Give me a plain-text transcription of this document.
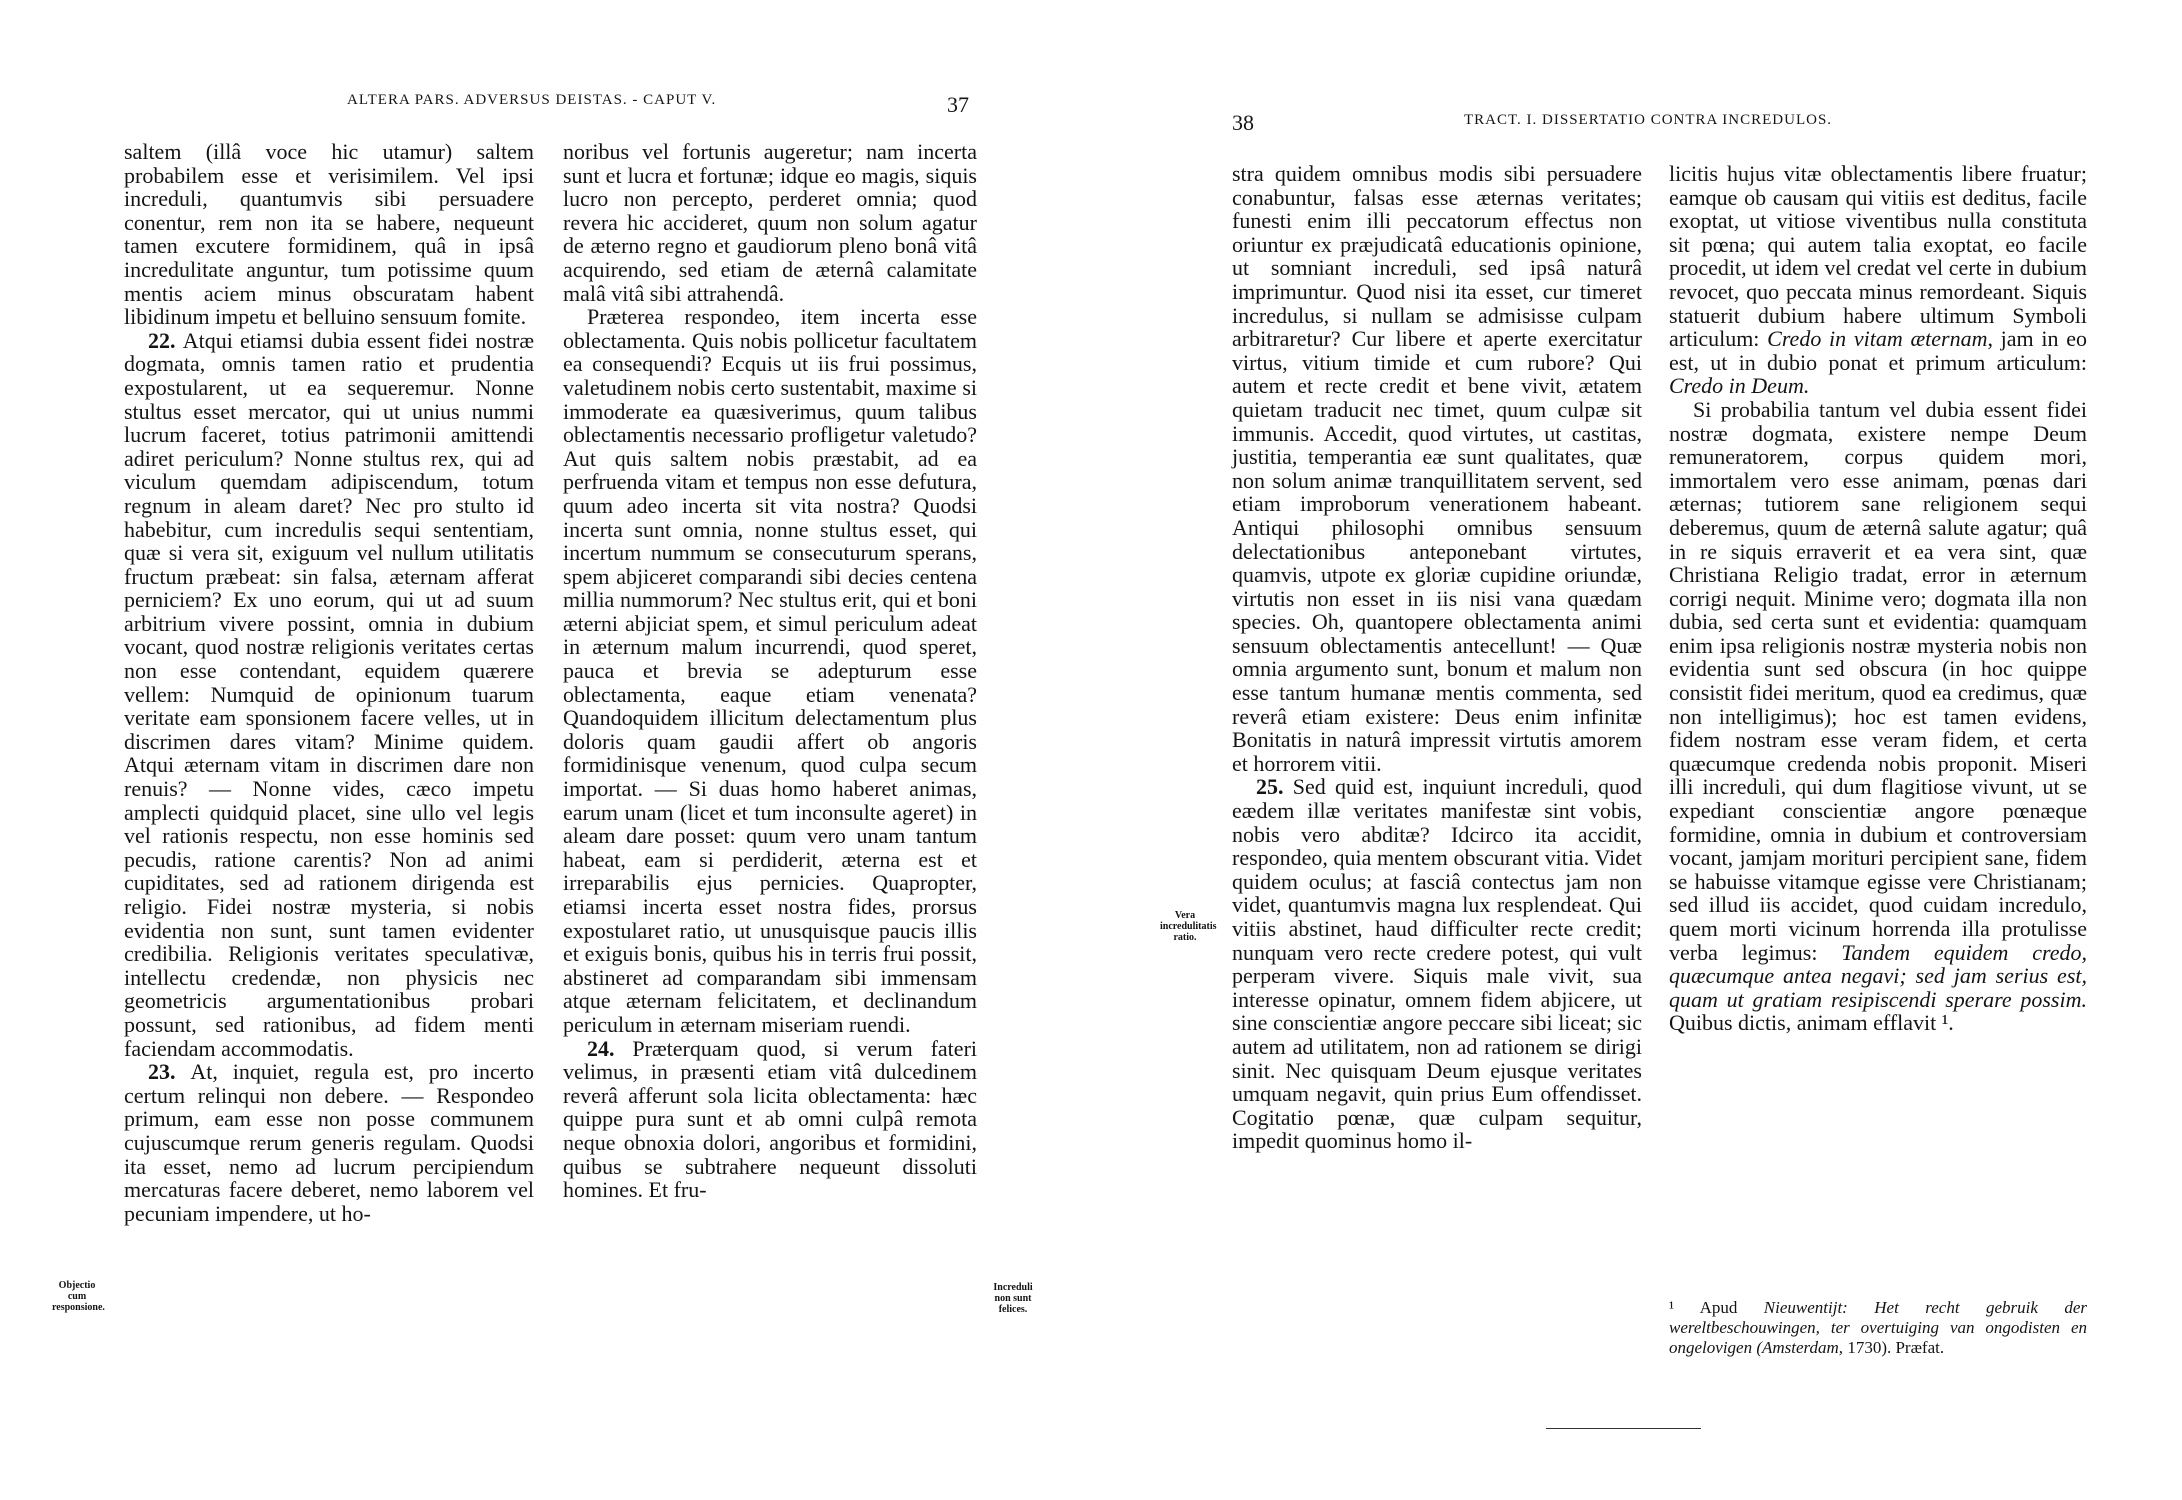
ALTERA PARS. ADVERSUS DEISTAS. - CAPUT V.	37

saltem (illâ voce hic utamur) saltem probabilem esse et verisimilem. Vel ipsi increduli, quantumvis sibi persuadere conentur, rem non ita se habere, nequeunt tamen excutere formidinem, quâ in ipsâ incredulitate anguntur, tum potissime quum mentis aciem minus obscuratam habent libidinum impetu et belluino sensuum fomite.

22. Atqui etiamsi dubia essent fidei nostræ dogmata, omnis tamen ratio et prudentia expostularent, ut ea sequeremur. Nonne stultus esset mercator, qui ut unius nummi lucrum faceret, totius patrimonii amittendi adiret periculum? Nonne stultus rex, qui ad viculum quemdam adipiscendum, totum regnum in aleam daret? Nec pro stulto id habebitur, cum incredulis sequi sententiam, quæ si vera sit, exiguum vel nullum utilitatis fructum præbeat: sin falsa, æternam afferat perniciem? Ex uno eorum, qui ut ad suum arbitrium vivere possint, omnia in dubium vocant, quod nostræ religionis veritates certas non esse contendant, equidem quærere vellem: Numquid de opinionum tuarum veritate eam sponsionem facere velles, ut in discrimen dares vitam? Minime quidem. Atqui æternam vitam in discrimen dare non renuis? — Nonne vides, cæco impetu amplecti quidquid placet, sine ullo vel legis vel rationis respectu, non esse hominis sed pecudis, ratione carentis? Non ad animi cupiditates, sed ad rationem dirigenda est religio. Fidei nostræ mysteria, si nobis evidentia non sunt, sunt tamen evidenter credibilia. Religionis veritates speculativæ, intellectu credendæ, non physicis nec geometricis argumentationibus probari possunt, sed rationibus, ad fidem menti faciendam accommodatis.

23. At, inquiet, regula est, pro incerto certum relinqui non debere. — Respondeo primum, eam esse non posse communem cujuscumque rerum generis regulam. Quodsi ita esset, nemo ad lucrum percipiendum mercaturas facere deberet, nemo laborem vel pecuniam impendere, ut ho-

noribus vel fortunis augeretur; nam incerta sunt et lucra et fortunæ; idque eo magis, siquis lucro non percepto, perderet omnia; quod revera hic accideret, quum non solum agatur de æterno regno et gaudiorum pleno bonâ vitâ acquirendo, sed etiam de æternâ calamitate malâ vitâ sibi attrahendâ.

Præterea respondeo, item incerta esse oblectamenta. Quis nobis pollicetur facultatem ea consequendi? Ecquis ut iis frui possimus, valetudinem nobis certo sustentabit, maxime si immoderate ea quæsiverimus, quum talibus oblectamentis necessario profligetur valetudo? Aut quis saltem nobis præstabit, ad ea perfruenda vitam et tempus non esse defutura, quum adeo incerta sit vita nostra? Quodsi incerta sunt omnia, nonne stultus esset, qui incertum nummum se consecuturum sperans, spem abjiceret comparandi sibi decies centena millia nummorum? Nec stultus erit, qui et boni æterni abjiciat spem, et simul periculum adeat in æternum malum incurrendi, quod speret, pauca et brevia se adepturum esse oblectamenta, eaque etiam venenata? Quandoquidem illicitum delectamentum plus doloris quam gaudii affert ob angoris formidinisque venenum, quod culpa secum importat. — Si duas homo haberet animas, earum unam (licet et tum inconsulte ageret) in aleam dare posset: quum vero unam tantum habeat, eam si perdiderit, æterna est et irreparabilis ejus pernicies. Quapropter, etiamsi incerta esset nostra fides, prorsus expostularet ratio, ut unusquisque paucis illis et exiguis bonis, quibus his in terris frui possit, abstineret ad comparandam sibi immensam atque æternam felicitatem, et declinandum periculum in æternam miseriam ruendi.

24. Præterquam quod, si verum fateri velimus, in præsenti etiam vitâ dulcedinem reverâ afferunt sola licita oblectamenta: hæc quippe pura sunt et ab omni culpâ remota neque obnoxia dolori, angoribus et formidini, quibus se subtrahere nequeunt dissoluti homines. Et fru-

Objectio cum responsione.
Increduli non sunt felices.
38	TRACT. I. DISSERTATIO CONTRA INCREDULOS.

stra quidem omnibus modis sibi persuadere conabuntur, falsas esse æternas veritates; funesti enim illi peccatorum effectus non oriuntur ex præjudicatâ educationis opinione, ut somniant increduli, sed ipsâ naturâ imprimuntur. Quod nisi ita esset, cur timeret incredulus, si nullam se admisisse culpam arbitraretur? Cur libere et aperte exercitatur virtus, vitium timide et cum rubore? Qui autem et recte credit et bene vivit, ætatem quietam traducit nec timet, quum culpæ sit immunis. Accedit, quod virtutes, ut castitas, justitia, temperantia eæ sunt qualitates, quæ non solum animæ tranquillitatem servent, sed etiam improborum venerationem habeant. Antiqui philosophi omnibus sensuum delectationibus anteponebant virtutes, quamvis, utpote ex gloriæ cupidine oriundæ, virtutis non esset in iis nisi vana quædam species. Oh, quantopere oblectamenta animi sensuum oblectamentis antecellunt! — Quæ omnia argumento sunt, bonum et malum non esse tantum humanæ mentis commenta, sed reverâ etiam existere: Deus enim infinitæ Bonitatis in naturâ impressit virtutis amorem et horrorem vitii.

25. Sed quid est, inquiunt increduli, quod eædem illæ veritates manifestæ sint vobis, nobis vero abditæ? Idcirco ita accidit, respondeo, quia mentem obscurant vitia. Videt quidem oculus; at fasciâ contectus jam non videt, quantumvis magna lux resplendeat. Qui vitiis abstinet, haud difficulter recte credit; nunquam vero recte credere potest, qui vult perperam vivere. Siquis male vivit, sua interesse opinatur, omnem fidem abjicere, ut sine conscientiæ angore peccare sibi liceat; sic autem ad utilitatem, non ad rationem se dirigi sinit. Nec quisquam Deum ejusque veritates umquam negavit, quin prius Eum offendisset. Cogitatio pœnæ, quæ culpam sequitur, impedit quominus homo il-

licitis hujus vitæ oblectamentis libere fruatur; eamque ob causam qui vitiis est deditus, facile exoptat, ut vitiose viventibus nulla constituta sit pœna; qui autem talia exoptat, eo facile procedit, ut idem vel credat vel certe in dubium revocet, quo peccata minus remordeant. Siquis statuerit dubium habere ultimum Symboli articulum: Credo in vitam æternam, jam in eo est, ut in dubio ponat et primum articulum: Credo in Deum.

Si probabilia tantum vel dubia essent fidei nostræ dogmata, existere nempe Deum remuneratorem, corpus quidem mori, immortalem vero esse animam, pœnas dari æternas; tutiorem sane religionem sequi deberemus, quum de æternâ salute agatur; quâ in re siquis erraverit et ea vera sint, quæ Christiana Religio tradat, error in æternum corrigi nequit. Minime vero; dogmata illa non dubia, sed certa sunt et evidentia: quamquam enim ipsa religionis nostræ mysteria nobis non evidentia sunt sed obscura (in hoc quippe consistit fidei meritum, quod ea credimus, quæ non intelligimus); hoc est tamen evidens, fidem nostram esse veram fidem, et certa quæcumque credenda nobis proponit. Miseri illi increduli, qui dum flagitiose vivunt, ut se expediant conscientiæ angore pœnæque formidine, omnia in dubium et controversiam vocant, jamjam morituri percipient sane, fidem se habuisse vitamque egisse vere Christianam; sed illud iis accidet, quod cuidam incredulo, quem morti vicinum horrenda illa protulisse verba legimus: Tandem equidem credo, quæcumque antea negavi; sed jam serius est, quam ut gratiam resipiscendi sperare possim. Quibus dictis, animam efflavit ¹.

Vera incredulitatis ratio.
¹ Apud Nieuwentijt: Het recht gebruik der wereltbeschouwingen, ter overtuiging van ongodisten en ongelovigen (Amsterdam, 1730). Præfat.
